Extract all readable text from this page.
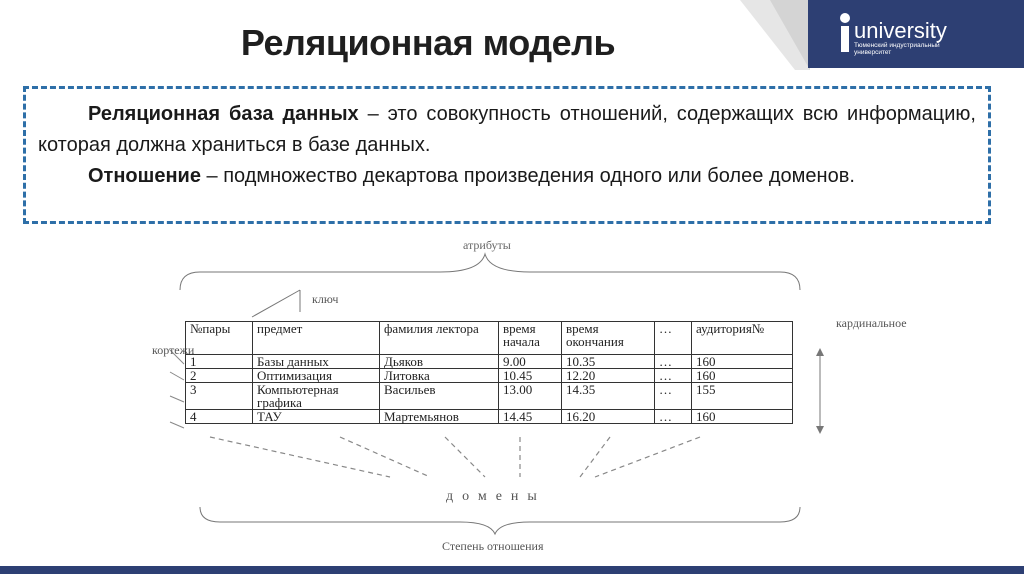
Реляционная модель	university
Тюменский индустриальный университет

Реляционная база данных – это совокупность отношений, содержащих всю информацию, которая должна храниться в базе данных.

Отношение – подмножество декартова произведения одного или более доменов.

атрибуты
ключ
кортежи
кардинальное
№пары	предмет	фамилия лектора	время начала	время окончания	…	аудитория№
1	Базы данных	Дьяков	9.00	10.35	…	160
2	Оптимизация	Литовка	10.45	12.20	…	160
3	Компьютерная графика	Васильев	13.00	14.35	…	155
4	ТАУ	Мартемьянов	14.45	16.20	…	160
домены
Степень отношения
